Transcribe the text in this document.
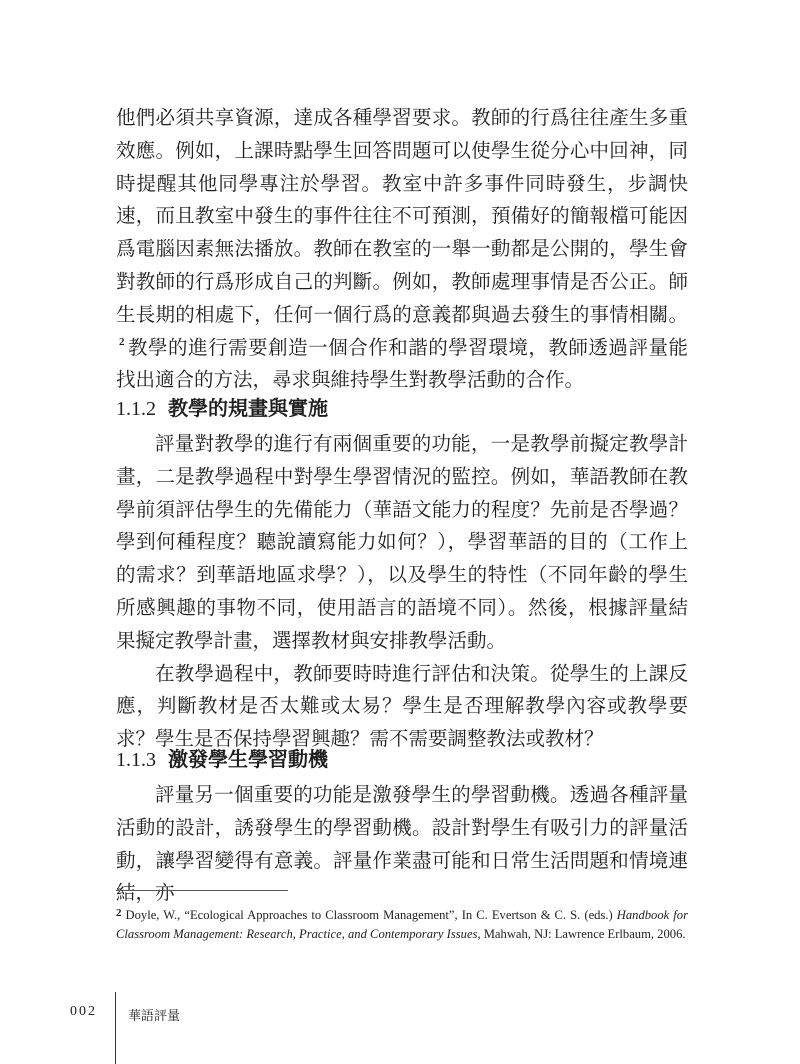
他們必須共享資源，達成各種學習要求。教師的行爲往往產生多重效應。例如，上課時點學生回答問題可以使學生從分心中回神，同時提醒其他同學專注於學習。教室中許多事件同時發生，步調快速，而且教室中發生的事件往往不可預測，預備好的簡報檔可能因爲電腦因素無法播放。教師在教室的一舉一動都是公開的，學生會對教師的行爲形成自己的判斷。例如，教師處理事情是否公正。師生長期的相處下，任何一個行爲的意義都與過去發生的事情相關。$^2$ 教學的進行需要創造一個合作和諧的學習環境，教師透過評量能找出適合的方法，尋求與維持學生對教學活動的合作。

1.1.2 教學的規畫與實施

評量對教學的進行有兩個重要的功能，一是教學前擬定教學計畫，二是教學過程中對學生學習情況的監控。例如，華語教師在教學前須評估學生的先備能力（華語文能力的程度？先前是否學過？學到何種程度？聽說讀寫能力如何？），學習華語的目的（工作上的需求？到華語地區求學？），以及學生的特性（不同年齡的學生所感興趣的事物不同，使用語言的語境不同）。然後，根據評量結果擬定教學計畫，選擇教材與安排教學活動。

在教學過程中，教師要時時進行評估和決策。從學生的上課反應，判斷教材是否太難或太易？學生是否理解教學內容或教學要求？學生是否保持學習興趣？需不需要調整教法或教材？

1.1.3 激發學生學習動機

評量另一個重要的功能是激發學生的學習動機。透過各種評量活動的設計，誘發學生的學習動機。設計對學生有吸引力的評量活動，讓學習變得有意義。評量作業盡可能和日常生活問題和情境連結，亦

2 Doyle, W., “Ecological Approaches to Classroom Management”, In C. Evertson & C. S. (eds.) Handbook for Classroom Management: Research, Practice, and Contemporary Issues, Mahwah, NJ: Lawrence Erlbaum, 2006.

002 華語評量
